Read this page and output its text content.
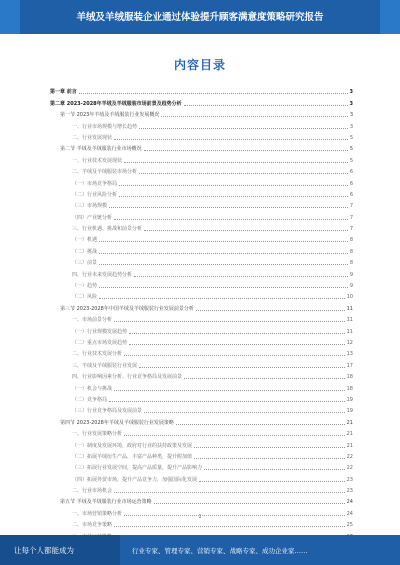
羊绒及羊绒服装企业通过体验提升顾客满意度策略研究报告
内容目录
第一章 前言	3
第二章 2023-2028年羊绒及羊绒服装市场前景及趋势分析	3
第一节 2023年羊绒及羊绒服装行业发展概况	3
一、行业市场规模与增长趋势	3
二、行业发展现状	5
第二节 羊绒及羊绒服装行业市场概况	5
一、行业技术发展现状	5
二、羊绒及羊绒服装市场分析	6
（一）市场竞争格局	6
（二）行业风险分析	6
（三）市场规模	7
（四）产业链分析	7
三、行业机遇、挑战和前景分析	7
（一）机遇	8
（二）挑战	8
（三）前景	8
四、行业未来发展趋势分析	9
（一）趋势	9
（二）风险	10
第三节 2023-2028年中国羊绒及羊绒服装行业发展前景分析	11
一、市场前景分析	11
（一）行业规模发展趋势	11
（二）重点市场发展趋势	12
二、行业技术发展分析	13
三、羊绒及羊绒服装行业发展	17
四、行业影响因素分析、行业竞争格局及发展前景	18
（一）机会与挑战	18
（二）竞争格局	19
（三）行业竞争格局及发展前景	19
第四节 2023-2028年羊绒及羊绒服装行业发展策略	21
一、行业发展策略分析	21
（一）制度及发展环境，政府对行业的扶持政策及发展	21
（二）拓展羊绒衍生产品，丰富产品种类，提升附加值	22
（三）拓展行业发展空间，提高产品质量，提升产品影响力	22
（四）拓展外贸市场，提升产品竞争力，加强国际化发展	23
二、行业市场机会	23
第五节 羊绒及羊绒服装行业市场运营策略	24
一、市场营销策略分析	24
二、市场竞争策略	25
1
让每个人都能成为	行业专家、管理专家、营销专家、战略专家、成功企业家……
